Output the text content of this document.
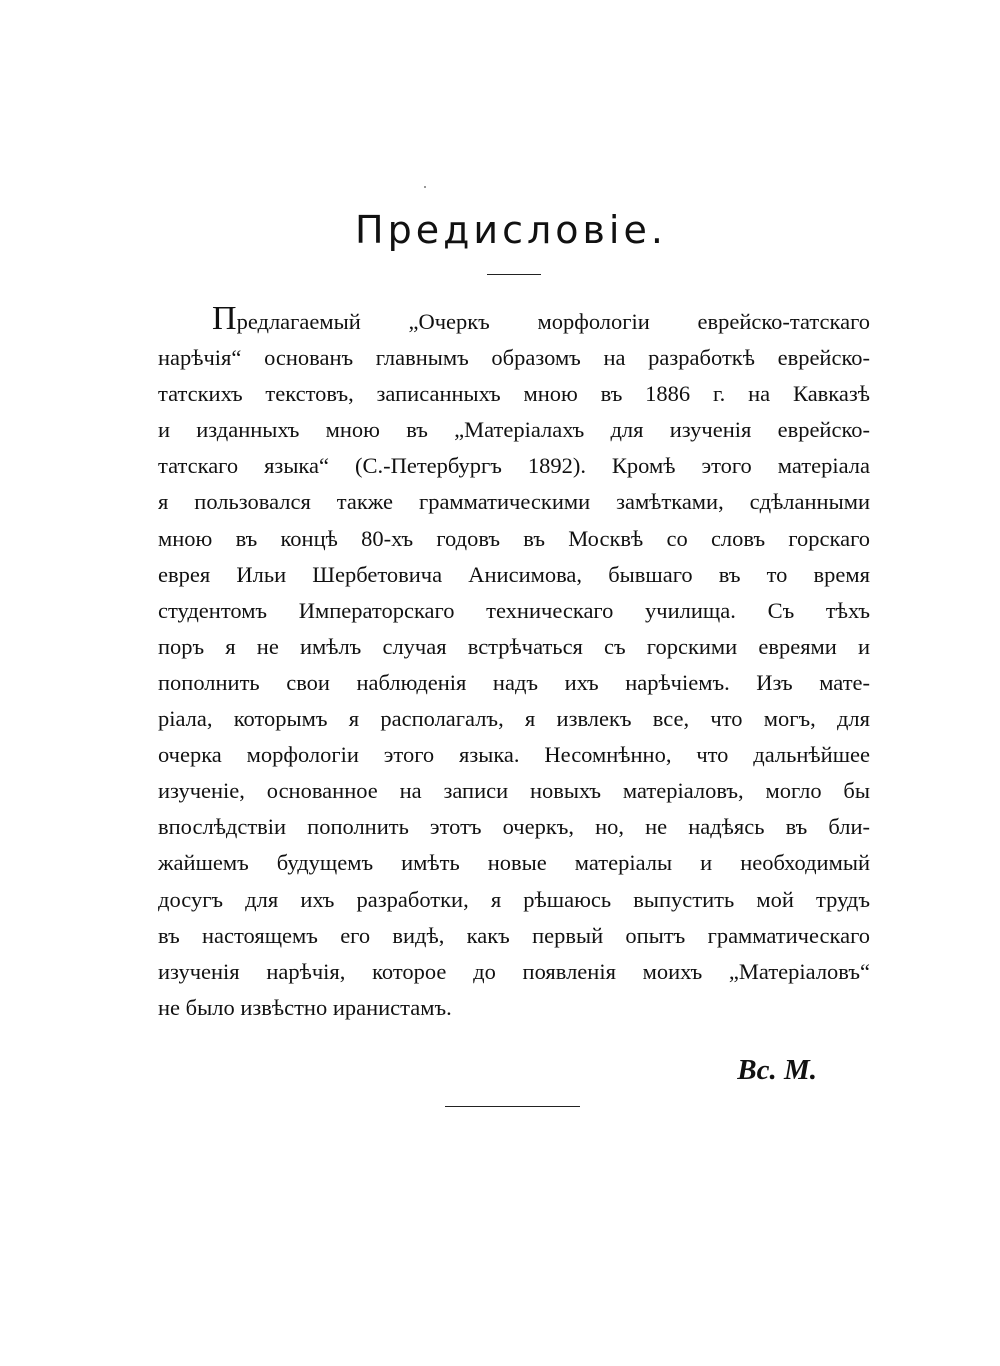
Предисловіе.
Предлагаемый „Очеркъ морфологіи еврейско-татскаго
нарѣчія“ основанъ главнымъ образомъ на разработкѣ еврейско-
татскихъ текстовъ, записанныхъ мною въ 1886 г. на Кавказѣ
и изданныхъ мною въ „Матеріалахъ для изученія еврейско-
татскаго языка“ (С.-Петербургъ 1892). Кромѣ этого матеріала
я пользовался также грамматическими замѣтками, сдѣланными
мною въ концѣ 80-хъ годовъ въ Москвѣ со словъ горскаго
еврея Ильи Шербетовича Анисимова, бывшаго въ то время
студентомъ Императорскаго техническаго училища. Съ тѣхъ
поръ я не имѣлъ случая встрѣчаться съ горскими евреями и
пополнить свои наблюденія надъ ихъ нарѣчіемъ. Изъ мате-
ріала, которымъ я располагалъ, я извлекъ все, что могъ, для
очерка морфологіи этого языка. Несомнѣнно, что дальнѣйшее
изученіе, основанное на записи новыхъ матеріаловъ, могло бы
впослѣдствіи пополнить этотъ очеркъ, но, не надѣясь въ бли-
жайшемъ будущемъ имѣть новые матеріалы и необходимый
досугъ для ихъ разработки, я рѣшаюсь выпустить мой трудъ
въ настоящемъ его видѣ, какъ первый опытъ грамматическаго
изученія нарѣчія, которое до появленія моихъ „Матеріаловъ“
не было извѣстно иранистамъ.
Вс. М.
